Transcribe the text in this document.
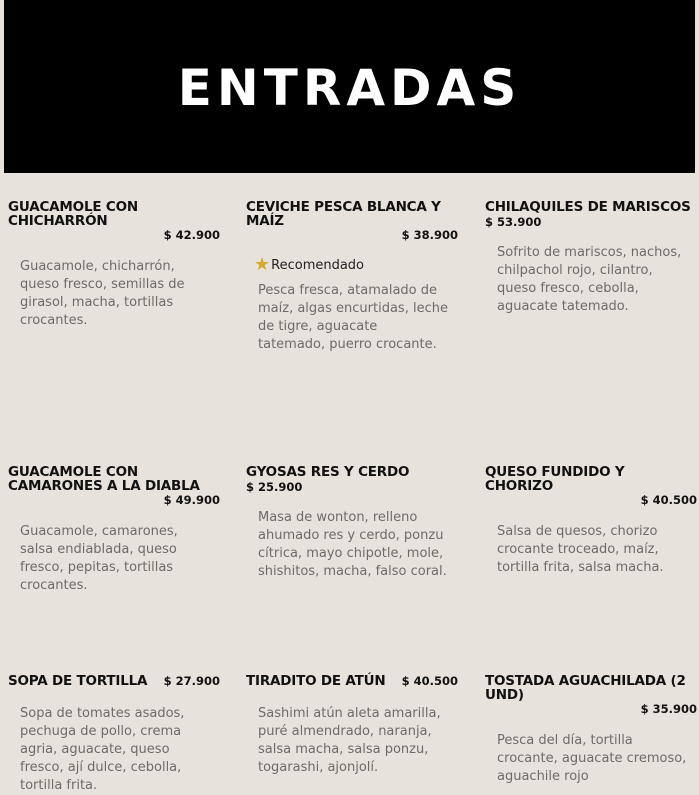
ENTRADAS
GUACAMOLE CON CHICHARRÓN
$ 42.900
Guacamole, chicharrón, queso fresco, semillas de girasol, macha, tortillas crocantes.
CEVICHE PESCA BLANCA Y MAÍZ
$ 38.900
★ Recomendado
Pesca fresca, atamalado de maíz, algas encurtidas, leche de tigre, aguacate tatemado, puerro crocante.
CHILAQUILES DE MARISCOS
$ 53.900
Sofrito de mariscos, nachos, chilpachol rojo, cilantro, queso fresco, cebolla, aguacate tatemado.
GUACAMOLE CON CAMARONES A LA DIABLA
$ 49.900
Guacamole, camarones, salsa endiablada, queso fresco, pepitas, tortillas crocantes.
GYOSAS RES Y CERDO
$ 25.900
Masa de wonton, relleno ahumado res y cerdo, ponzu cítrica, mayo chipotle, mole, shishitos, macha, falso coral.
QUESO FUNDIDO Y CHORIZO
$ 40.500
Salsa de quesos, chorizo crocante troceado, maíz, tortilla frita, salsa macha.
SOPA DE TORTILLA	$ 27.900
Sopa de tomates asados, pechuga de pollo, crema agria, aguacate, queso fresco, ají dulce, cebolla, tortilla frita.
TIRADITO DE ATÚN	$ 40.500
Sashimi atún aleta amarilla, puré almendrado, naranja, salsa macha, salsa ponzu, togarashi, ajonjolí.
TOSTADA AGUACHILADA (2 UND)
$ 35.900
Pesca del día, tortilla crocante, aguacate cremoso, aguachile rojo
